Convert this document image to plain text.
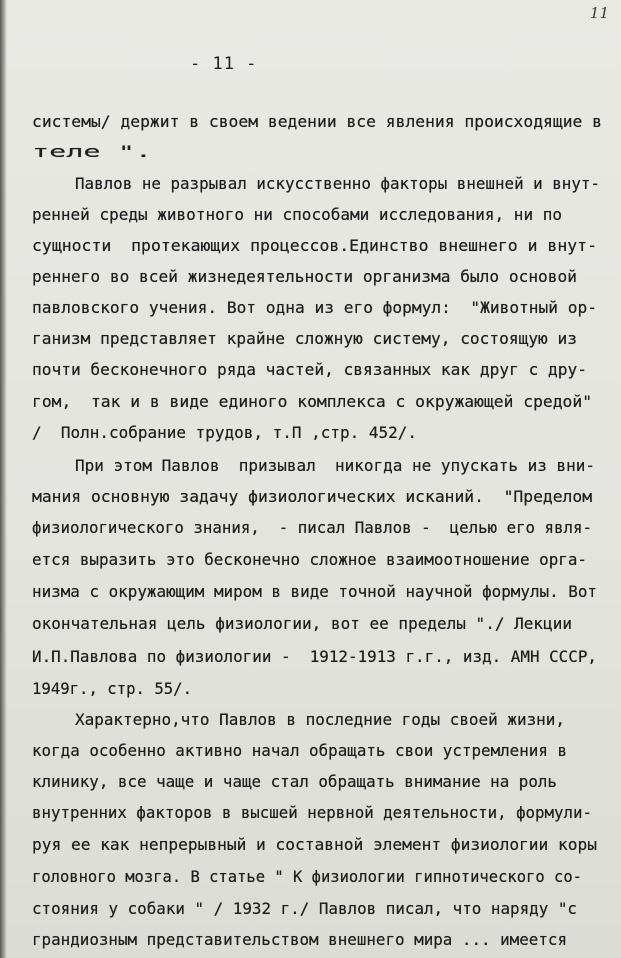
11
- 11 -
системы/ держит в своем ведении все явления происходящие в
теле ".
Павлов не разрывал искусственно факторы внешней и внут-
ренней среды животного ни способами исследования, ни по
сущности  протекающих процессов.Единство внешнего и внут-
реннего во всей жизнедеятельности организма было основой
павловского учения. Вот одна из его формул:  "Животный ор-
ганизм представляет крайне сложную систему, состоящую из
почти бесконечного ряда частей, связанных как друг с дру-
гом,  так и в виде единого комплекса с окружающей средой"
/  Полн.собрание трудов, т.П ,стр. 452/.
При этом Павлов  призывал  никогда не упускать из вни-
мания основную задачу физиологических исканий.  "Пределом
физиологического знания,  - писал Павлов -  целью его явля-
ется выразить это бесконечно сложное взаимоотношение орга-
низма с окружающим миром в виде точной научной формулы. Вот
окончательная цель физиологии, вот ее пределы "./ Лекции
И.П.Павлова по физиологии -  1912-1913 г.г., изд. АМН СССР,
1949г., стр. 55/.
Характерно,что Павлов в последние годы своей жизни,
когда особенно активно начал обращать свои устремления в
клинику, все чаще и чаще стал обращать внимание на роль
внутренних факторов в высшей нервной деятельности, формули-
руя ее как непрерывный и составной элемент физиологии коры
головного мозга. В статье " К физиологии гипнотического со-
стояния у собаки " / 1932 г./ Павлов писал, что наряду "с
грандиозным представительством внешнего мира ... имеется
